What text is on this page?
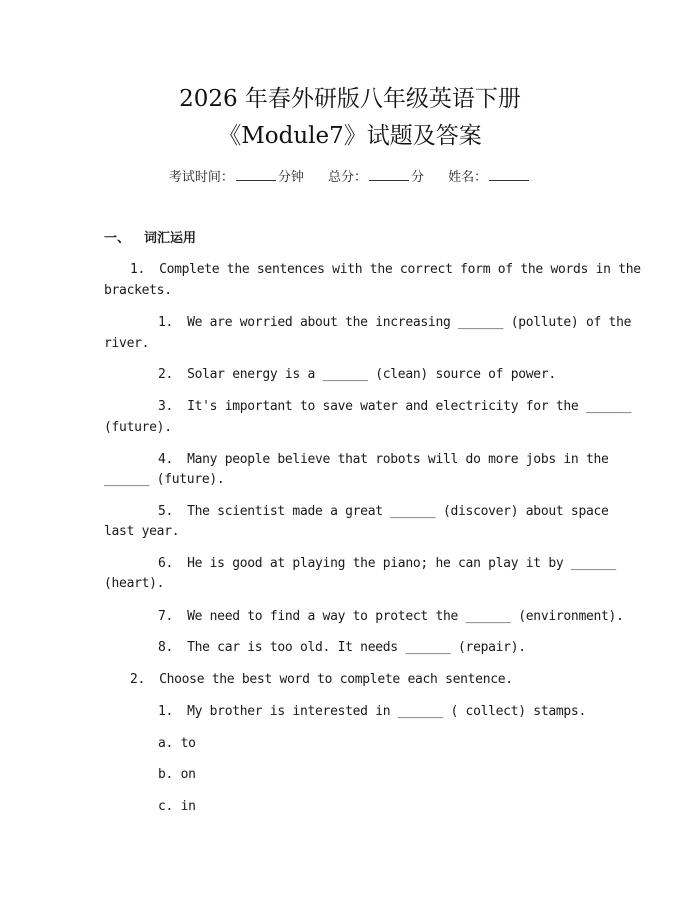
2026 年春外研版八年级英语下册
《Module7》试题及答案
考试时间：	分钟 总分：	分 姓名：
一、 词汇运用
1. Complete the sentences with the correct form of the words in the
brackets.
1. We are worried about the increasing ______ (pollute) of the
river.
2. Solar energy is a ______ (clean) source of power.
3. It's important to save water and electricity for the ______
(future).
4. Many people believe that robots will do more jobs in the
______ (future).
5. The scientist made a great ______ (discover) about space
last year.
6. He is good at playing the piano; he can play it by ______
(heart).
7. We need to find a way to protect the ______ (environment).
8. The car is too old. It needs ______ (repair).
2. Choose the best word to complete each sentence.
1. My brother is interested in ______ ( collect) stamps.
a. to
b. on
c. in
